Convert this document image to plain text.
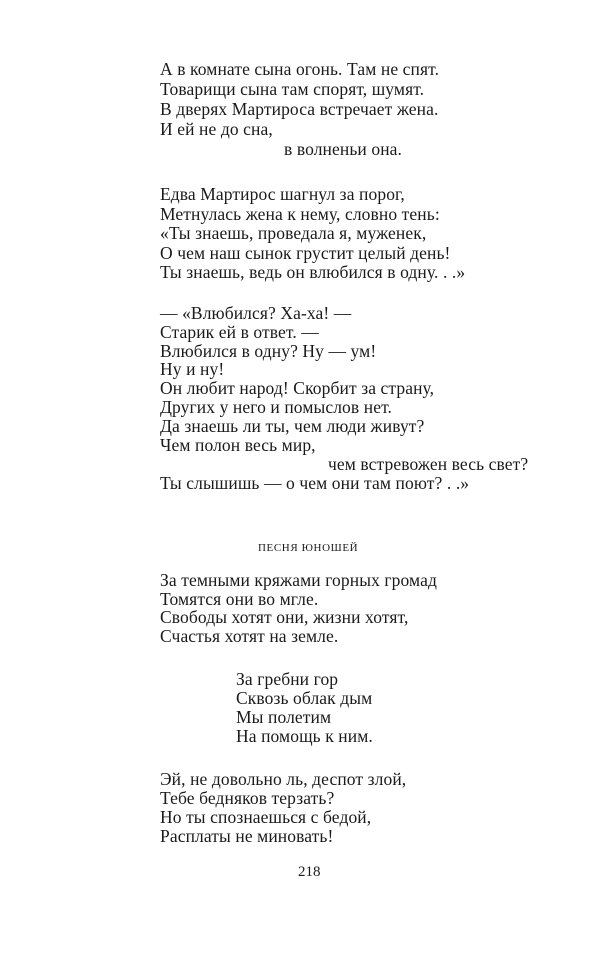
А в комнате сына огонь. Там не спят.
Товарищи сына там спорят, шумят.
В дверях Мартироса встречает жена.
И ей не до сна,
в волненьи она.
Едва Мартирос шагнул за порог,
Метнулась жена к нему, словно тень:
«Ты знаешь, проведала я, муженек,
О чем наш сынок грустит целый день!
Ты знаешь, ведь он влюбился в одну. . .»
— «Влюбился? Ха-ха! —
Старик ей в ответ. —
Влюбился в одну? Ну — ум!
Ну и ну!
Он любит народ! Скорбит за страну,
Других у него и помыслов нет.
Да знаешь ли ты, чем люди живут?
Чем полон весь мир,
чем встревожен весь свет?
Ты слышишь — о чем они там поют? . .»
ПЕСНЯ ЮНОШЕЙ
За темными кряжами горных громад
Томятся они во мгле.
Свободы хотят они, жизни хотят,
Счастья хотят на земле.
За гребни гор
Сквозь облак дым
Мы полетим
На помощь к ним.
Эй, не довольно ль, деспот злой,
Тебе бедняков терзать?
Но ты спознаешься с бедой,
Расплаты не миновать!
218
